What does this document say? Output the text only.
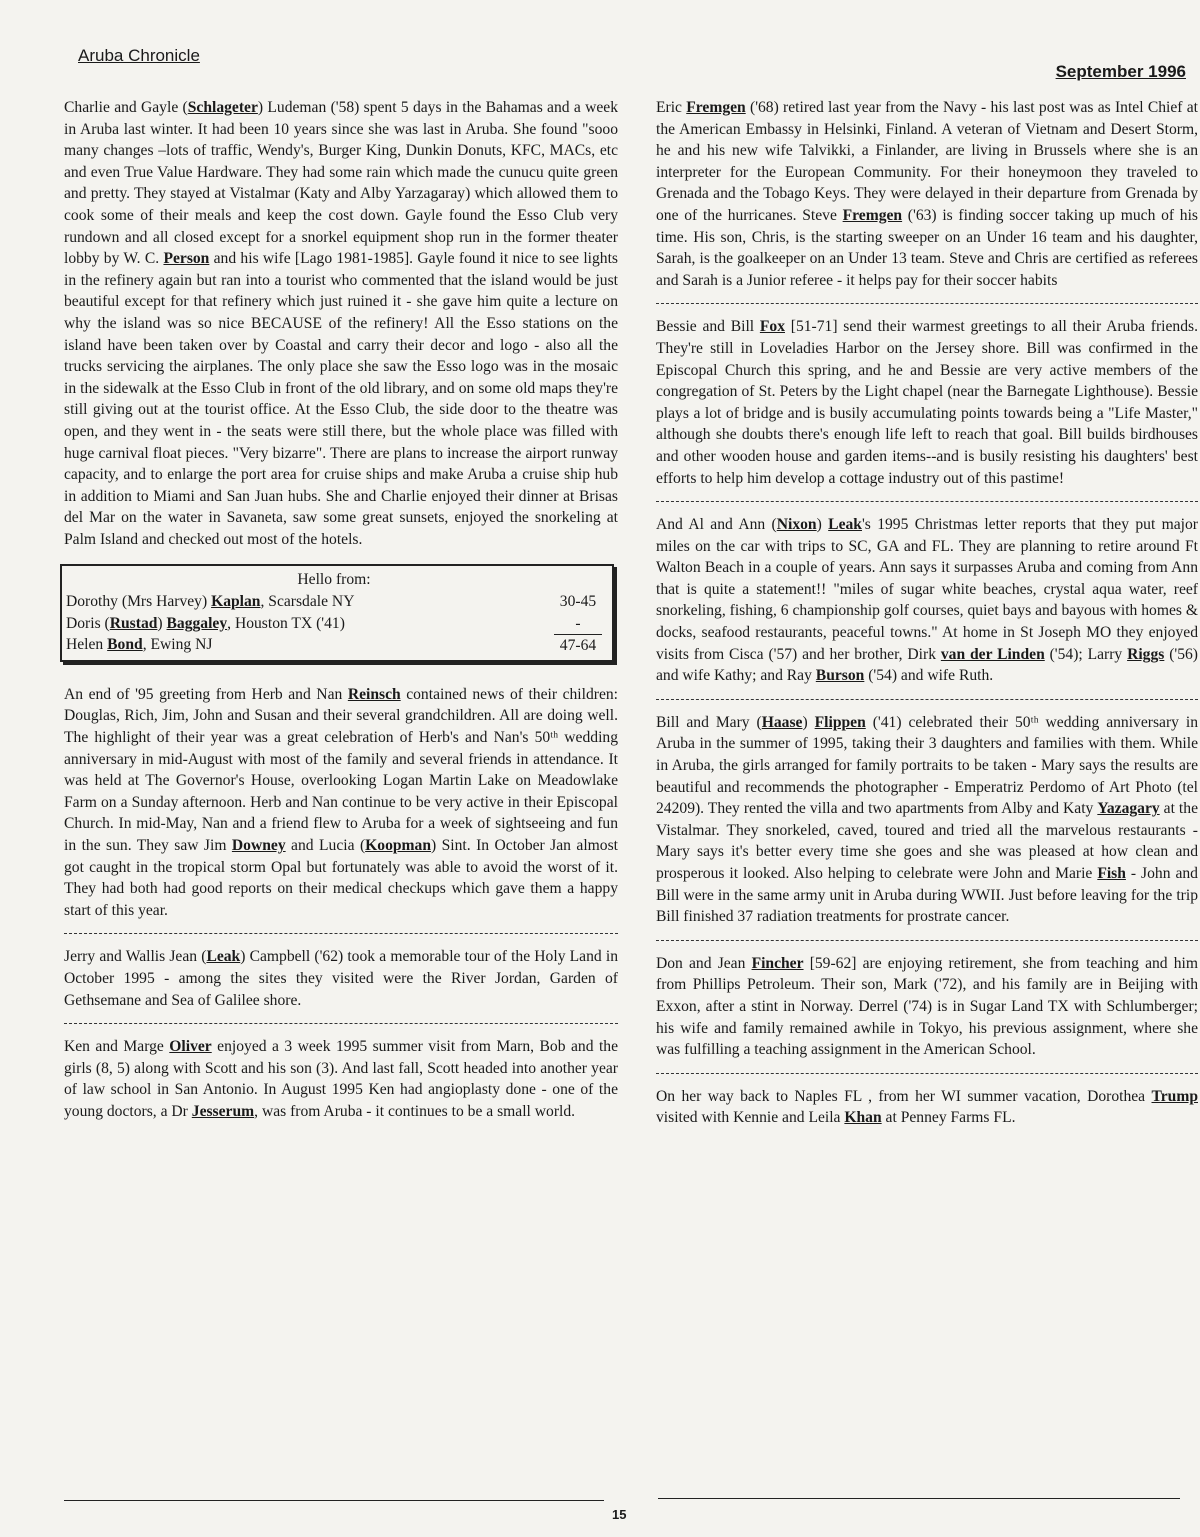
Aruba Chronicle
September 1996

Charlie and Gayle (Schlageter) Ludeman ('58) spent 5 days in the Bahamas and a week in Aruba last winter. It had been 10 years since she was last in Aruba. She found "sooo many changes –lots of traffic, Wendy's, Burger King, Dunkin Donuts, KFC, MACs, etc and even True Value Hardware. They had some rain which made the cunucu quite green and pretty. They stayed at Vistalmar (Katy and Alby Yarzagaray) which allowed them to cook some of their meals and keep the cost down. Gayle found the Esso Club very rundown and all closed except for a snorkel equipment shop run in the former theater lobby by W. C. Person and his wife [Lago 1981-1985]. Gayle found it nice to see lights in the refinery again but ran into a tourist who commented that the island would be just beautiful except for that refinery which just ruined it - she gave him quite a lecture on why the island was so nice BECAUSE of the refinery! All the Esso stations on the island have been taken over by Coastal and carry their decor and logo - also all the trucks servicing the airplanes. The only place she saw the Esso logo was in the mosaic in the sidewalk at the Esso Club in front of the old library, and on some old maps they're still giving out at the tourist office. At the Esso Club, the side door to the theatre was open, and they went in - the seats were still there, but the whole place was filled with huge carnival float pieces. "Very bizarre". There are plans to increase the airport runway capacity, and to enlarge the port area for cruise ships and make Aruba a cruise ship hub in addition to Miami and San Juan hubs. She and Charlie enjoyed their dinner at Brisas del Mar on the water in Savaneta, saw some great sunsets, enjoyed the snorkeling at Palm Island and checked out most of the hotels.

Hello from:
Dorothy (Mrs Harvey) Kaplan, Scarsdale NY	30-45
Doris (Rustad) Baggaley, Houston TX ('41)	-
Helen Bond, Ewing NJ	47-64

An end of '95 greeting from Herb and Nan Reinsch contained news of their children: Douglas, Rich, Jim, John and Susan and their several grandchildren. All are doing well. The highlight of their year was a great celebration of Herb's and Nan's 50ᵗʰ wedding anniversary in mid-August with most of the family and several friends in attendance. It was held at The Governor's House, overlooking Logan Martin Lake on Meadowlake Farm on a Sunday afternoon. Herb and Nan continue to be very active in their Episcopal Church. In mid-May, Nan and a friend flew to Aruba for a week of sightseeing and fun in the sun. They saw Jim Downey and Lucia (Koopman) Sint. In October Jan almost got caught in the tropical storm Opal but fortunately was able to avoid the worst of it. They had both had good reports on their medical checkups which gave them a happy start of this year.

Jerry and Wallis Jean (Leak) Campbell ('62) took a memorable tour of the Holy Land in October 1995 - among the sites they visited were the River Jordan, Garden of Gethsemane and Sea of Galilee shore.

Ken and Marge Oliver enjoyed a 3 week 1995 summer visit from Marn, Bob and the girls (8, 5) along with Scott and his son (3). And last fall, Scott headed into another year of law school in San Antonio. In August 1995 Ken had angioplasty done - one of the young doctors, a Dr Jesserum, was from Aruba - it continues to be a small world.

Eric Fremgen ('68) retired last year from the Navy - his last post was as Intel Chief at the American Embassy in Helsinki, Finland. A veteran of Vietnam and Desert Storm, he and his new wife Talvikki, a Finlander, are living in Brussels where she is an interpreter for the European Community. For their honeymoon they traveled to Grenada and the Tobago Keys. They were delayed in their departure from Grenada by one of the hurricanes. Steve Fremgen ('63) is finding soccer taking up much of his time. His son, Chris, is the starting sweeper on an Under 16 team and his daughter, Sarah, is the goalkeeper on an Under 13 team. Steve and Chris are certified as referees and Sarah is a Junior referee - it helps pay for their soccer habits

Bessie and Bill Fox [51-71] send their warmest greetings to all their Aruba friends. They're still in Loveladies Harbor on the Jersey shore. Bill was confirmed in the Episcopal Church this spring, and he and Bessie are very active members of the congregation of St. Peters by the Light chapel (near the Barnegate Lighthouse). Bessie plays a lot of bridge and is busily accumulating points towards being a "Life Master," although she doubts there's enough life left to reach that goal. Bill builds birdhouses and other wooden house and garden items--and is busily resisting his daughters' best efforts to help him develop a cottage industry out of this pastime!

And Al and Ann (Nixon) Leak's 1995 Christmas letter reports that they put major miles on the car with trips to SC, GA and FL. They are planning to retire around Ft Walton Beach in a couple of years. Ann says it surpasses Aruba and coming from Ann that is quite a statement!! "miles of sugar white beaches, crystal aqua water, reef snorkeling, fishing, 6 championship golf courses, quiet bays and bayous with homes & docks, seafood restaurants, peaceful towns." At home in St Joseph MO they enjoyed visits from Cisca ('57) and her brother, Dirk van der Linden ('54); Larry Riggs ('56) and wife Kathy; and Ray Burson ('54) and wife Ruth.

Bill and Mary (Haase) Flippen ('41) celebrated their 50ᵗʰ wedding anniversary in Aruba in the summer of 1995, taking their 3 daughters and families with them. While in Aruba, the girls arranged for family portraits to be taken - Mary says the results are beautiful and recommends the photographer - Emperatriz Perdomo of Art Photo (tel 24209). They rented the villa and two apartments from Alby and Katy Yazagary at the Vistalmar. They snorkeled, caved, toured and tried all the marvelous restaurants - Mary says it's better every time she goes and she was pleased at how clean and prosperous it looked. Also helping to celebrate were John and Marie Fish - John and Bill were in the same army unit in Aruba during WWII. Just before leaving for the trip Bill finished 37 radiation treatments for prostrate cancer.

Don and Jean Fincher [59-62] are enjoying retirement, she from teaching and him from Phillips Petroleum. Their son, Mark ('72), and his family are in Beijing with Exxon, after a stint in Norway. Derrel ('74) is in Sugar Land TX with Schlumberger; his wife and family remained awhile in Tokyo, his previous assignment, where she was fulfilling a teaching assignment in the American School.

On her way back to Naples FL , from her WI summer vacation, Dorothea Trump visited with Kennie and Leila Khan at Penney Farms FL.

15
